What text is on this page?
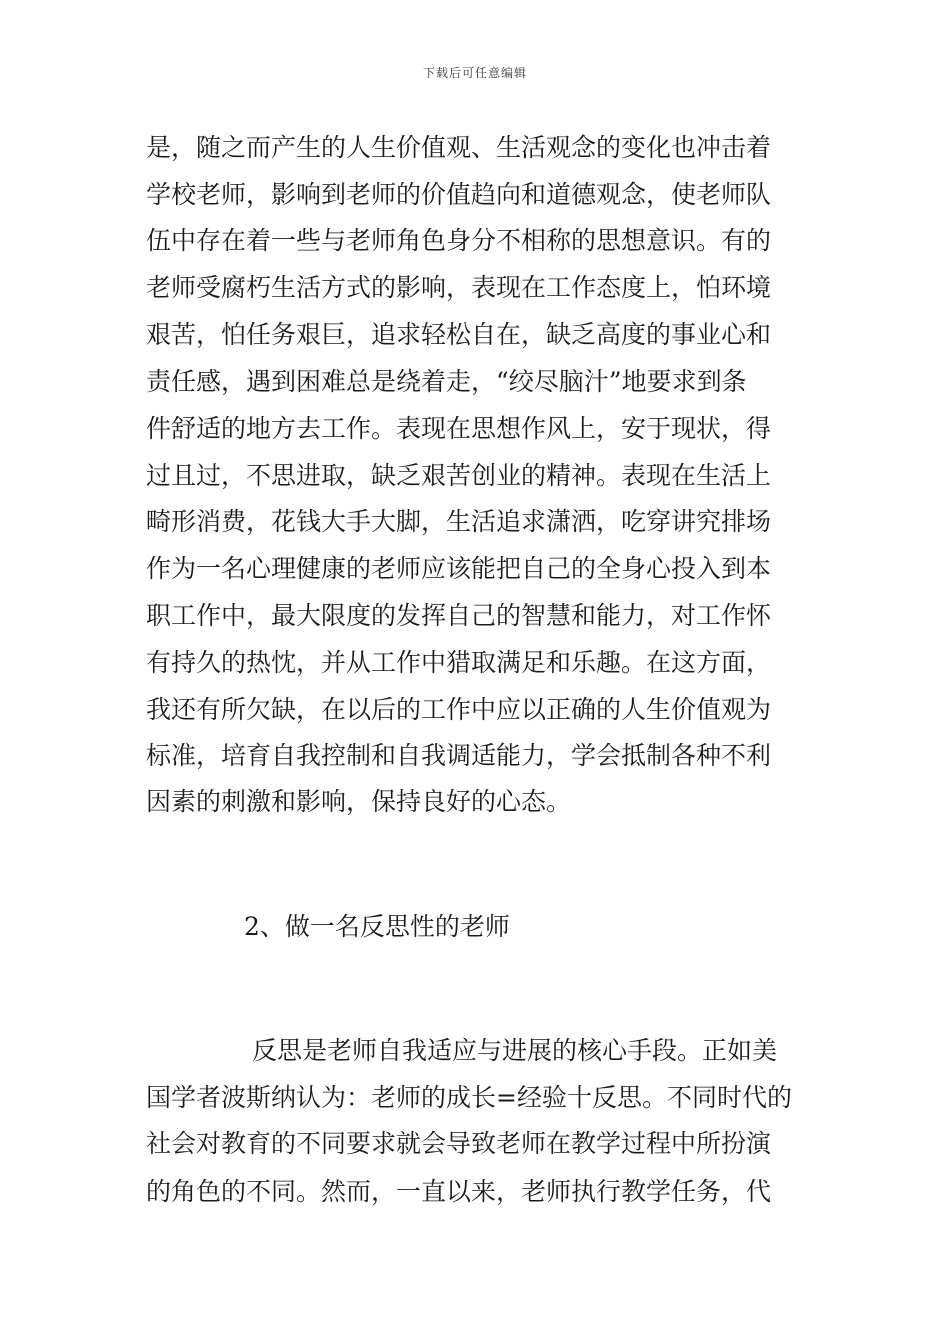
下载后可任意编辑
是，随之而产生的人生价值观、生活观念的变化也冲击着
学校老师，影响到老师的价值趋向和道德观念，使老师队
伍中存在着一些与老师角色身分不相称的思想意识。有的
老师受腐朽生活方式的影响，表现在工作态度上，怕环境
艰苦，怕任务艰巨，追求轻松自在，缺乏高度的事业心和
责任感，遇到困难总是绕着走，“绞尽脑汁”地要求到条
件舒适的地方去工作。表现在思想作风上，安于现状，得
过且过，不思进取，缺乏艰苦创业的精神。表现在生活上
畸形消费，花钱大手大脚，生活追求潇洒，吃穿讲究排场
作为一名心理健康的老师应该能把自己的全身心投入到本
职工作中，最大限度的发挥自己的智慧和能力，对工作怀
有持久的热忱，并从工作中猎取满足和乐趣。在这方面，
我还有所欠缺，在以后的工作中应以正确的人生价值观为
标准，培育自我控制和自我调适能力，学会抵制各种不利
因素的刺激和影响，保持良好的心态。
2、做一名反思性的老师
反思是老师自我适应与进展的核心手段。正如美
国学者波斯纳认为：老师的成长=经验十反思。不同时代的
社会对教育的不同要求就会导致老师在教学过程中所扮演
的角色的不同。然而，一直以来，老师执行教学任务，代
